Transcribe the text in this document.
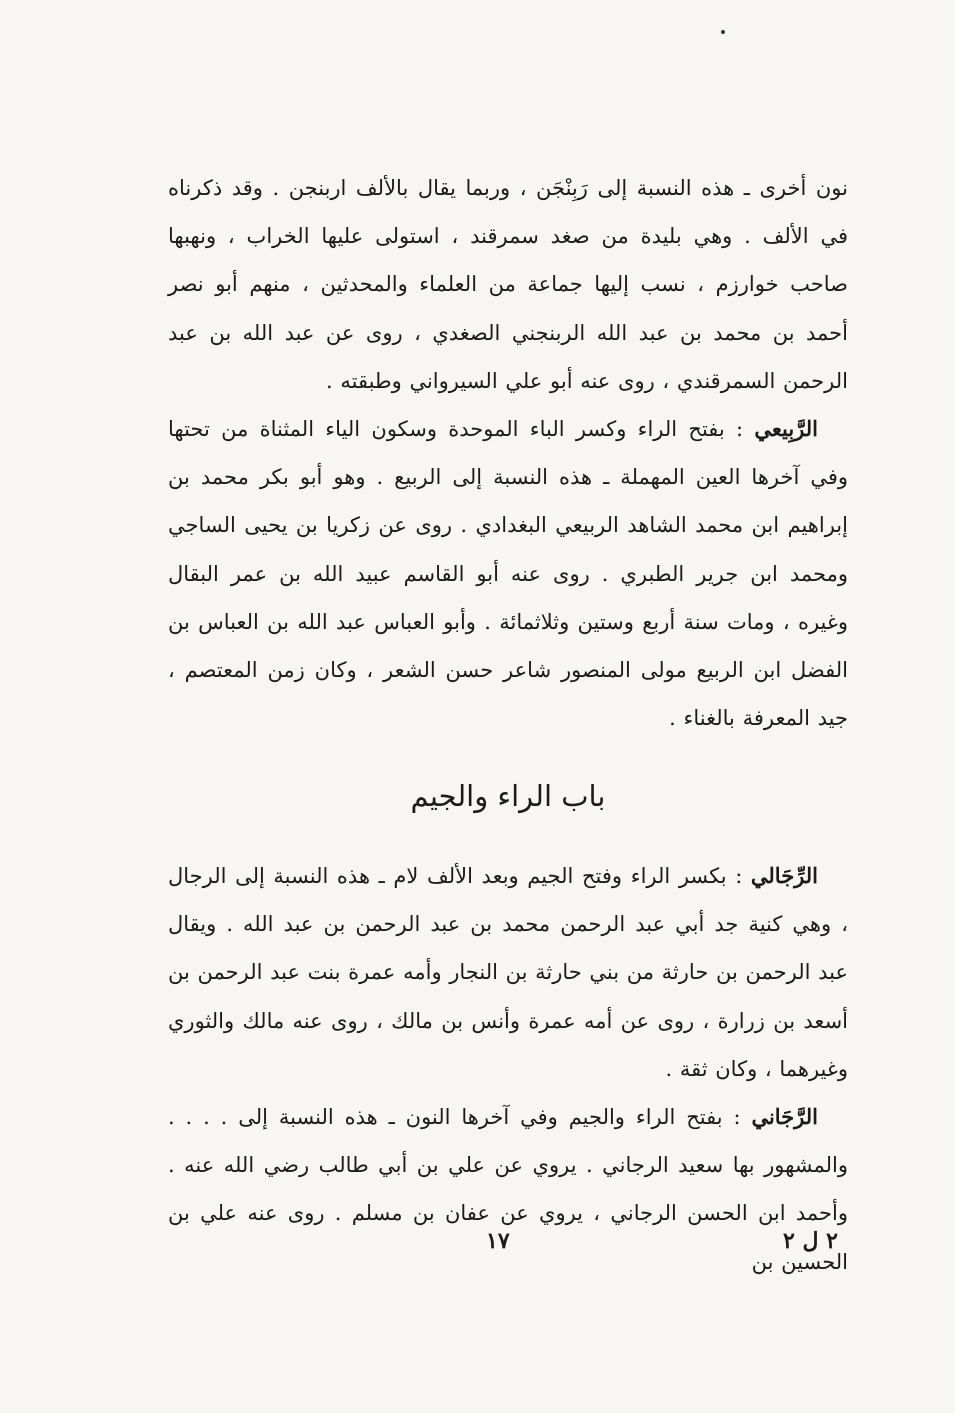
نون أخرى ـ هذه النسبة إلى رَبِنْجَن ، وربما يقال بالألف اربنجن . وقد ذكرناه في الألف . وهي بليدة من صغد سمرقند ، استولى عليها الخراب ، ونهبها صاحب خوارزم ، نسب إليها جماعة من العلماء والمحدثين ، منهم أبو نصر أحمد بن محمد بن عبد الله الربنجني الصغدي ، روى عن عبد الله بن عبد الرحمن السمرقندي ، روى عنه أبو علي السيرواني وطبقته .

الرَّبِيعي : بفتح الراء وكسر الباء الموحدة وسكون الياء المثناة من تحتها وفي آخرها العين المهملة ـ هذه النسبة إلى الربيع . وهو أبو بكر محمد بن إبراهيم ابن محمد الشاهد الربيعي البغدادي . روى عن زكريا بن يحيى الساجي ومحمد ابن جرير الطبري . روى عنه أبو القاسم عبيد الله بن عمر البقال وغيره ، ومات سنة أربع وستين وثلاثمائة . وأبو العباس عبد الله بن العباس بن الفضل ابن الربيع مولى المنصور شاعر حسن الشعر ، وكان زمن المعتصم ، جيد المعرفة بالغناء .

باب الراء والجيم

الرِّجَالي : بكسر الراء وفتح الجيم وبعد الألف لام ـ هذه النسبة إلى الرجال ، وهي كنية جد أبي عبد الرحمن محمد بن عبد الرحمن بن عبد الله . ويقال عبد الرحمن بن حارثة من بني حارثة بن النجار وأمه عمرة بنت عبد الرحمن بن أسعد بن زرارة ، روى عن أمه عمرة وأنس بن مالك ، روى عنه مالك والثوري وغيرهما ، وكان ثقة .

الرَّجَاني : بفتح الراء والجيم وفي آخرها النون ـ هذه النسبة إلى . . . . والمشهور بها سعيد الرجاني . يروي عن علي بن أبي طالب رضي الله عنه . وأحمد ابن الحسن الرجاني ، يروي عن عفان بن مسلم . روى عنه علي بن الحسين بن

٢ ل ٢
١٧
